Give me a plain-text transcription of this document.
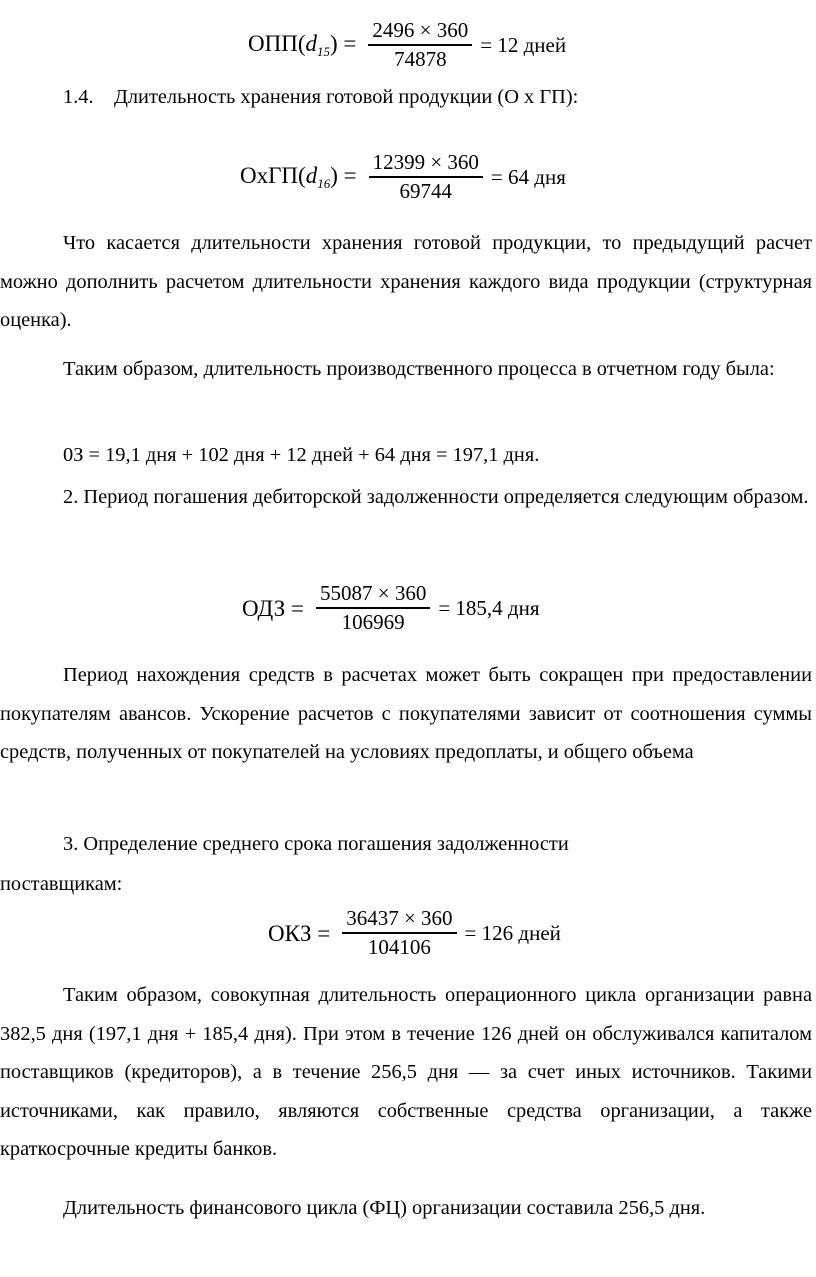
$ОПП(d_{15}) = \frac{2496 \times 360}{74878} = 12$ дней
1.4.    Длительность хранения готовой продукции (О х ГП):
$ОхГП(d_{16}) = \frac{12399 \times 360}{69744} = 64$ дня
Что касается длительности хранения готовой продукции, то предыдущий расчет можно дополнить расчетом длительности хранения каждого вида продукции (структурная оценка).
Таким образом, длительность производственного процесса в отчетном году была:
0З = 19,1 дня + 102 дня + 12 дней + 64 дня = 197,1 дня.
2. Период погашения дебиторской задолженности определяется следующим образом.
ОДЗ = $\frac{55087 \times 360}{106969} = 185,4$ дня
Период нахождения средств в расчетах может быть сокращен при предоставлении покупателям авансов. Ускорение расчетов с покупателями зависит от соотношения суммы средств, полученных от покупателей на условиях предоплаты, и общего объема
3. Определение среднего срока погашения задолженности
поставщикам:
ОКЗ = $\frac{36437 \times 360}{104106} = 126$ дней
Таким образом, совокупная длительность операционного цикла организации равна 382,5 дня (197,1 дня + 185,4 дня). При этом в течение 126 дней он обслуживался капиталом поставщиков (кредиторов), а в течение 256,5 дня — за счет иных источников. Такими источниками, как правило, являются собственные средства организации, а также краткосрочные кредиты банков.
Длительность финансового цикла (ФЦ) организации составила 256,5 дня.
